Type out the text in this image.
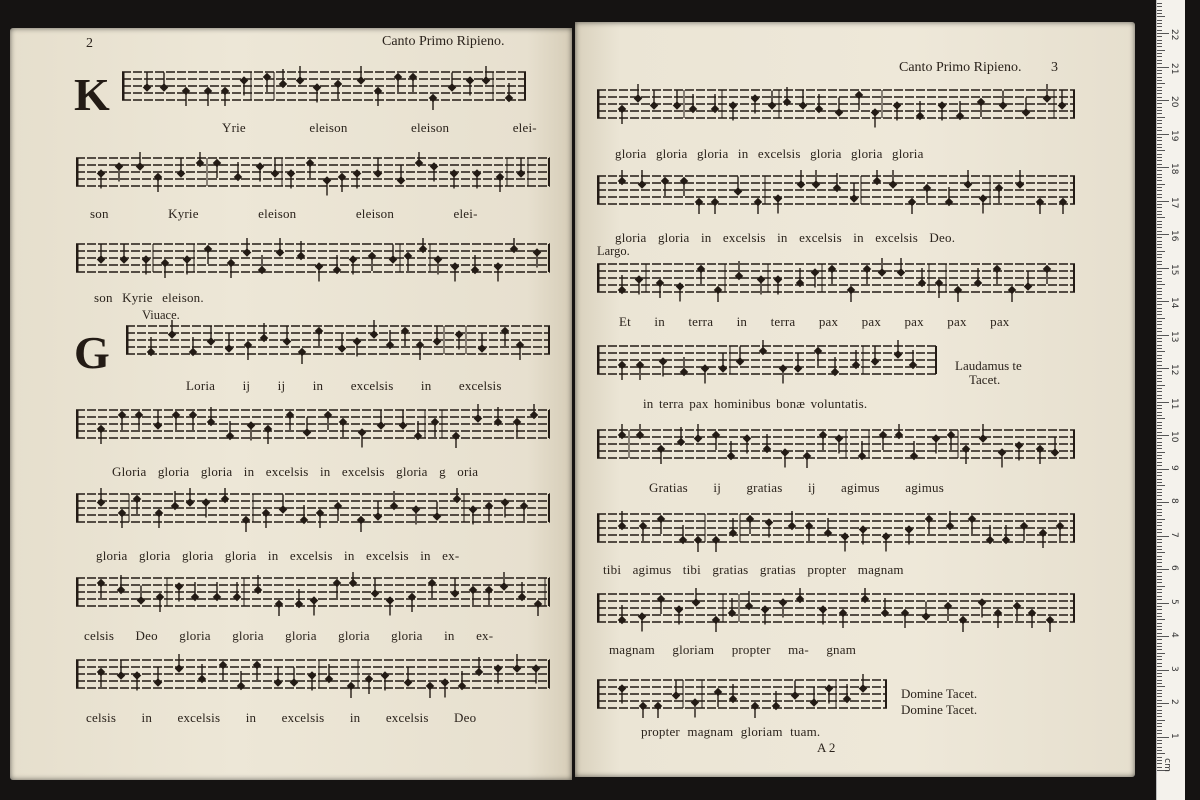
2	Canto Primo Ripieno.
K
Yrie eleison eleison elei-
son Kyrie eleison eleison elei-
son Kyrie eleison.
Viuace.
G
Loria ij ij in excelsis in excelsis
Gloria gloria gloria in excelsis in excelsis gloria g oria
gloria gloria gloria gloria in excelsis in excelsis in ex-
celsis Deo gloria gloria gloria gloria gloria in ex-
celsis in excelsis in excelsis in excelsis Deo
Canto Primo Ripieno. 3
gloria gloria gloria in excelsis gloria gloria gloria
gloria gloria in excelsis in excelsis in excelsis Deo.
Largo.
Et in terra in terra pax pax pax pax pax
Laudamus te
Tacet.
in terra pax hominibus bonæ voluntatis.
Gratias ij gratias ij agimus agimus
tibi agimus tibi gratias gratias propter magnam
magnam gloriam propter ma- gnam
Domine Tacet.
Domine Tacet.
propter magnam gloriam tuam.
A 2
1
2
3
4
5
6
7
8
9
10
11
12
13
14
15
16
17
18
19
20
21
22
cm
